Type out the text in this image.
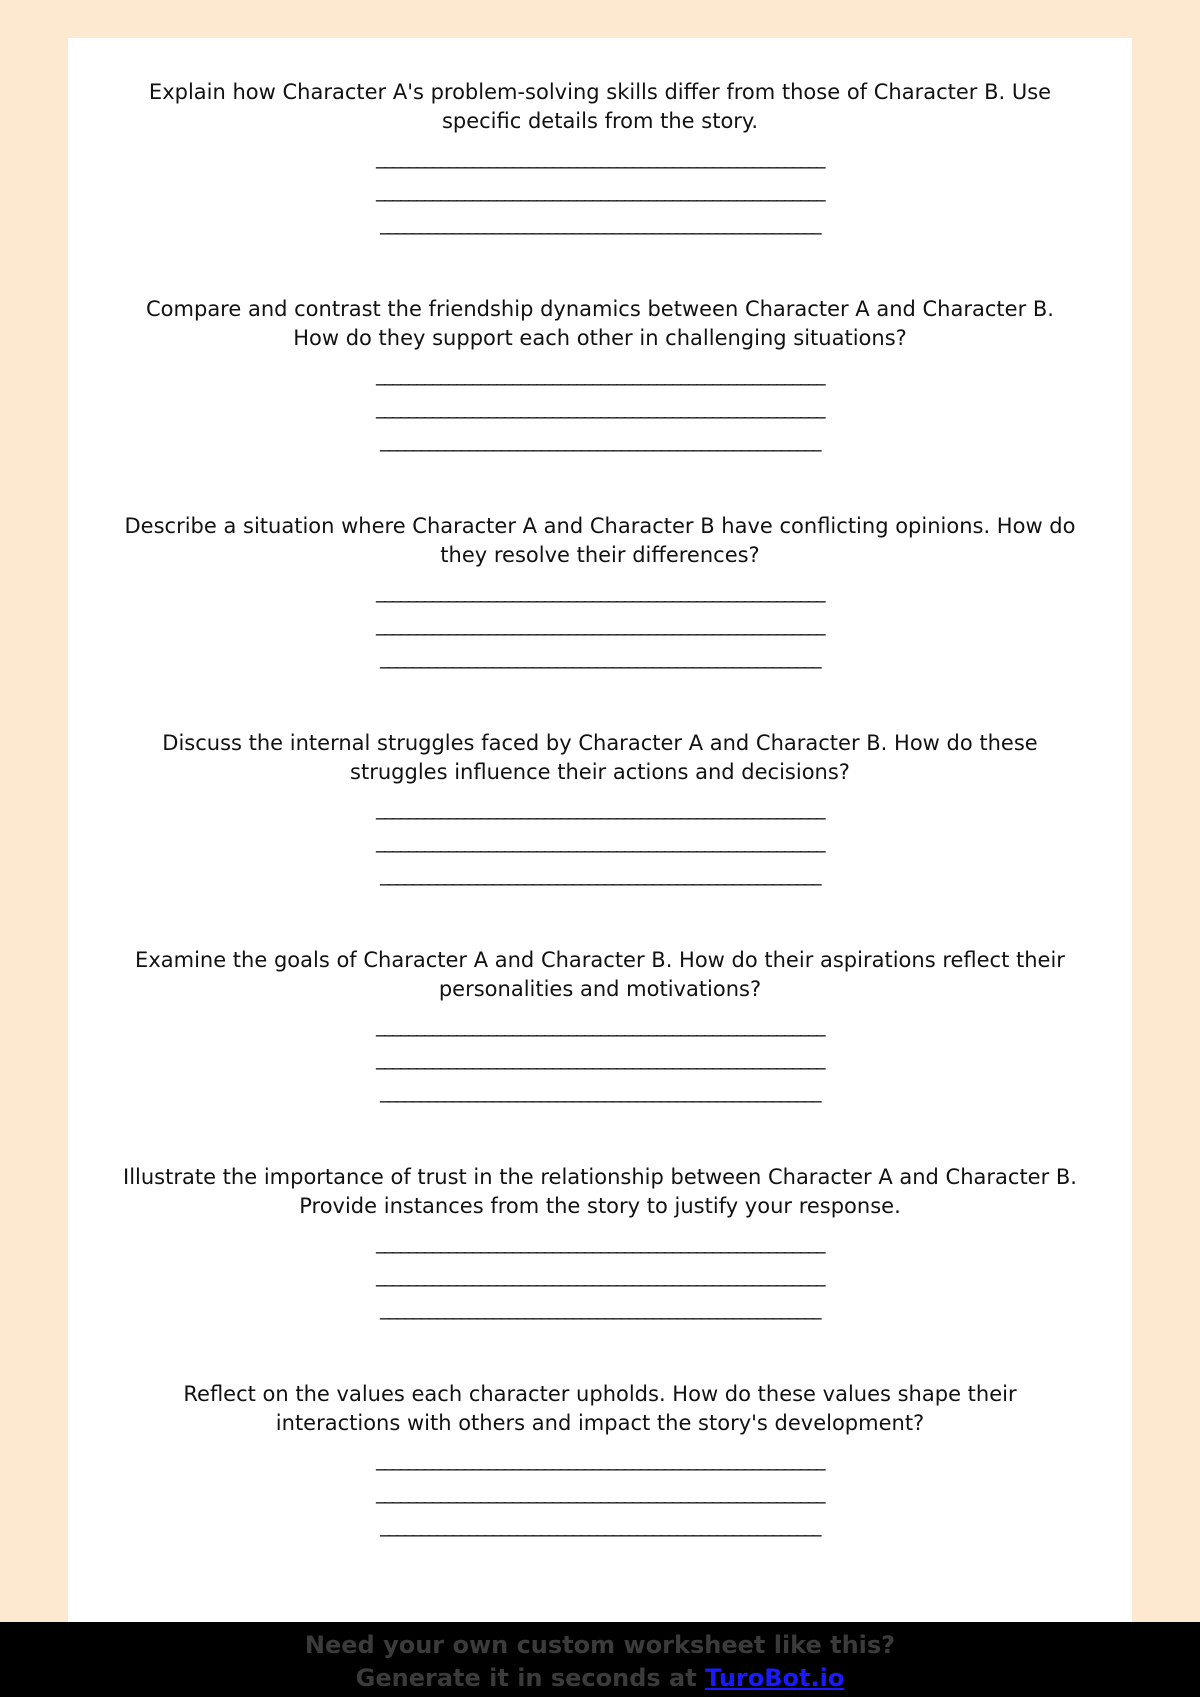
Explain how Character A's problem-solving skills differ from those of Character B. Use specific details from the story.

________________________________________________________
________________________________________________________
_______________________________________________________

Compare and contrast the friendship dynamics between Character A and Character B. How do they support each other in challenging situations?

________________________________________________________
________________________________________________________
_______________________________________________________

Describe a situation where Character A and Character B have conflicting opinions. How do they resolve their differences?

________________________________________________________
________________________________________________________
_______________________________________________________

Discuss the internal struggles faced by Character A and Character B. How do these struggles influence their actions and decisions?

________________________________________________________
________________________________________________________
_______________________________________________________

Examine the goals of Character A and Character B. How do their aspirations reflect their personalities and motivations?

________________________________________________________
________________________________________________________
_______________________________________________________

Illustrate the importance of trust in the relationship between Character A and Character B. Provide instances from the story to justify your response.

________________________________________________________
________________________________________________________
_______________________________________________________

Reflect on the values each character upholds. How do these values shape their interactions with others and impact the story's development?

________________________________________________________
________________________________________________________
_______________________________________________________
Need your own custom worksheet like this?
Generate it in seconds at TuroBot.io
